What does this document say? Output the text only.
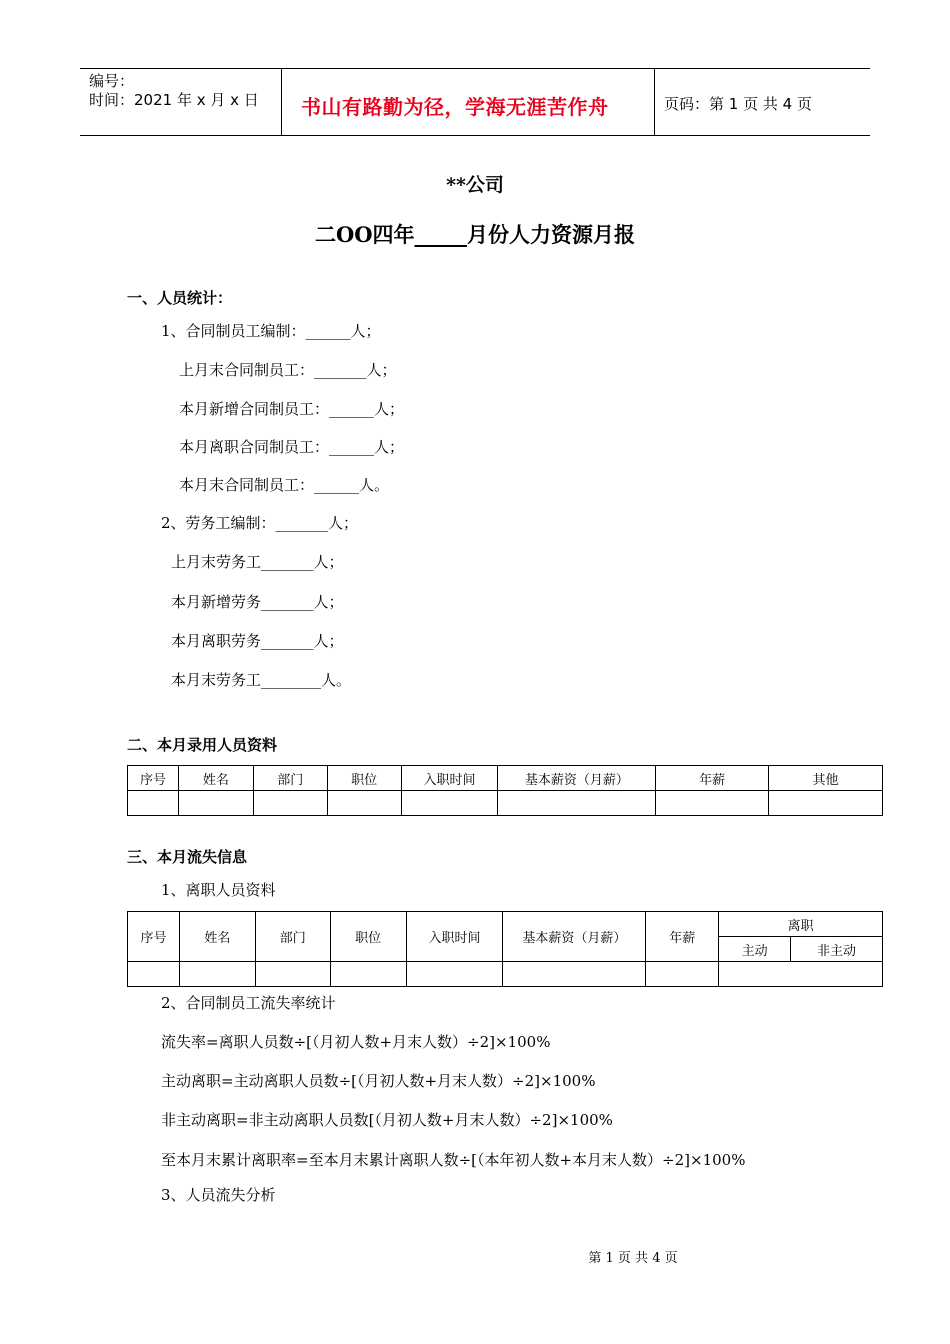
编号：
时间：2021 年 x 月 x 日 书山有路勤为径，学海无涯苦作舟	页码：第 1 页 共 4 页
**公司
二OO四年_____月份人力资源月报
一、人员统计：
1、合同制员工编制：______人；
上月末合同制员工：_______人；
本月新增合同制员工：______人；
本月离职合同制员工：______人；
本月末合同制员工：______人。
2、劳务工编制：_______人；
上月末劳务工_______人；
本月新增劳务_______人；
本月离职劳务_______人；
本月末劳务工________人。
二、本月录用人员资料
序号	姓名	部门	职位	入职时间	基本薪资（月薪）	年薪	其他

三、本月流失信息
1、离职人员资料
序号	姓名	部门	职位	入职时间	基本薪资（月薪）	年薪	离职	
							主动	非主动

2、合同制员工流失率统计
流失率=离职人员数÷[（月初人数+月末人数）÷2]×100%
主动离职=主动离职人员数÷[（月初人数+月末人数）÷2]×100%
非主动离职=非主动离职人员数[（月初人数+月末人数）÷2]×100%
至本月末累计离职率=至本月末累计离职人数÷[（本年初人数+本月末人数）÷2]×100%
3、人员流失分析
第 1 页 共 4 页
